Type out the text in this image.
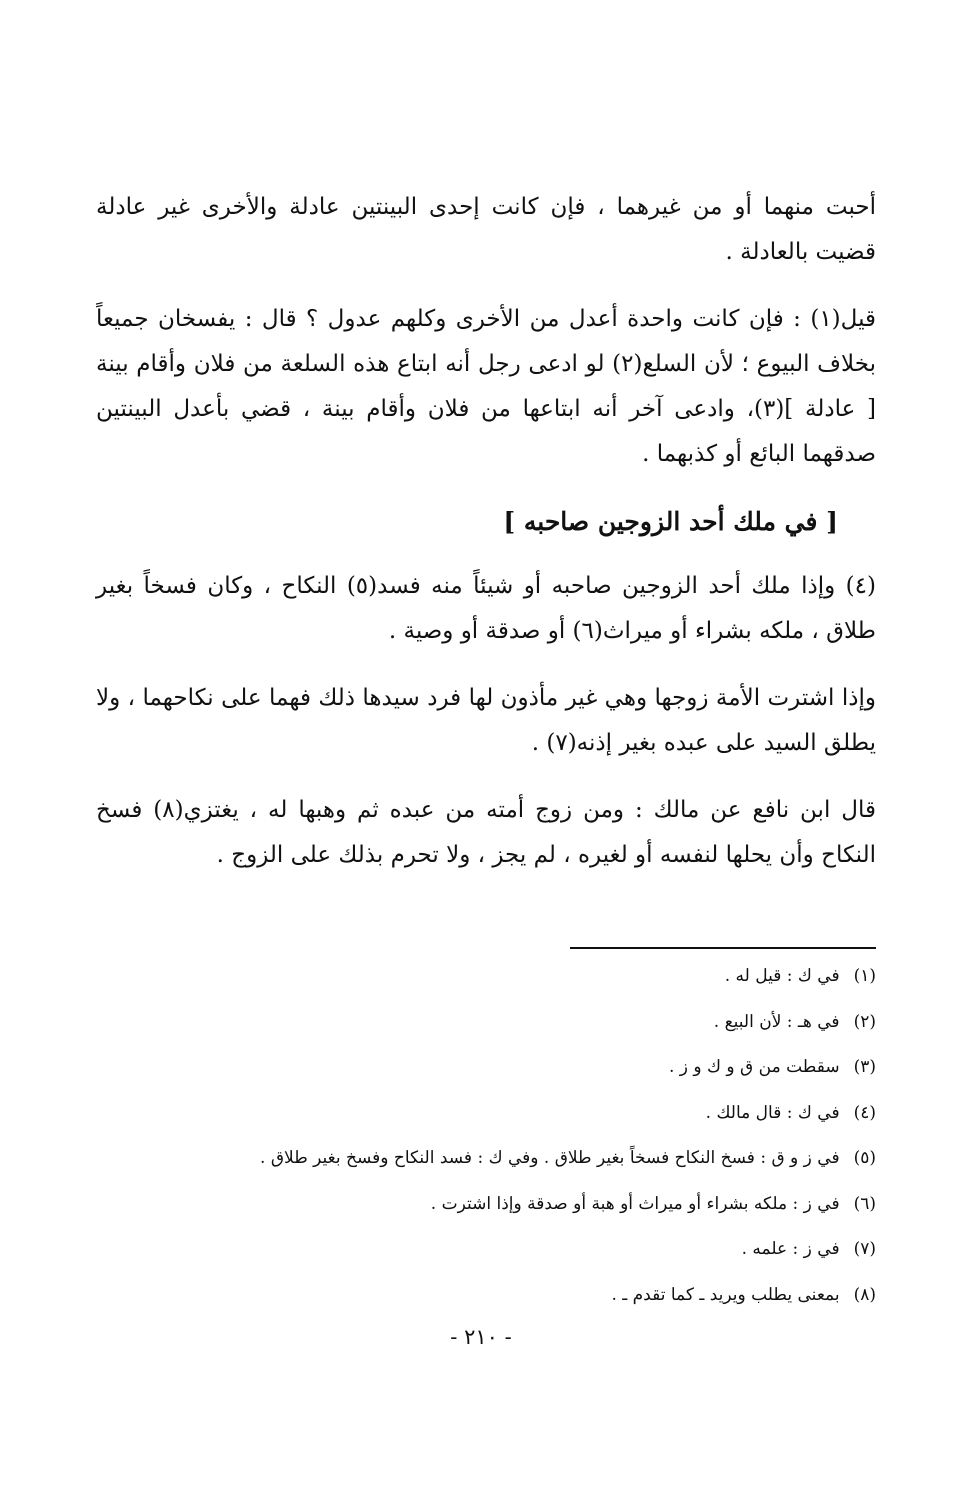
أحبت منهما أو من غيرهما ، فإن كانت إحدى البينتين عادلة والأخرى غير عادلة قضيت بالعادلة .

قيل(١) : فإن كانت واحدة أعدل من الأخرى وكلهم عدول ؟ قال : يفسخان جميعاً بخلاف البيوع ؛ لأن السلع(٢) لو ادعى رجل أنه ابتاع هذه السلعة من فلان وأقام بينة [ عادلة ](٣)، وادعى آخر أنه ابتاعها من فلان وأقام بينة ، قضي بأعدل البينتين صدقهما البائع أو كذبهما .

[ في ملك أحد الزوجين صاحبه ]

(٤) وإذا ملك أحد الزوجين صاحبه أو شيئاً منه فسد(٥) النكاح ، وكان فسخاً بغير طلاق ، ملكه بشراء أو ميراث(٦) أو صدقة أو وصية .

وإذا اشترت الأمة زوجها وهي غير مأذون لها فرد سيدها ذلك فهما على نكاحهما ، ولا يطلق السيد على عبده بغير إذنه(٧) .

قال ابن نافع عن مالك : ومن زوج أمته من عبده ثم وهبها له ، يغتزي(٨) فسخ النكاح وأن يحلها لنفسه أو لغيره ، لم يجز ، ولا تحرم بذلك على الزوج .

(١)في ك : قيل له .
(٢)في هـ : لأن البيع .
(٣)سقطت من ق و ك و ز .
(٤)في ك : قال مالك .
(٥)في ز و ق : فسخ النكاح فسخاً بغير طلاق . وفي ك : فسد النكاح وفسخ بغير طلاق .
(٦)في ز : ملكه بشراء أو ميراث أو هبة أو صدقة وإذا اشترت .
(٧)في ز : علمه .
(٨)بمعنى يطلب ويريد ـ كما تقدم ـ .
- ٢١٠ -
